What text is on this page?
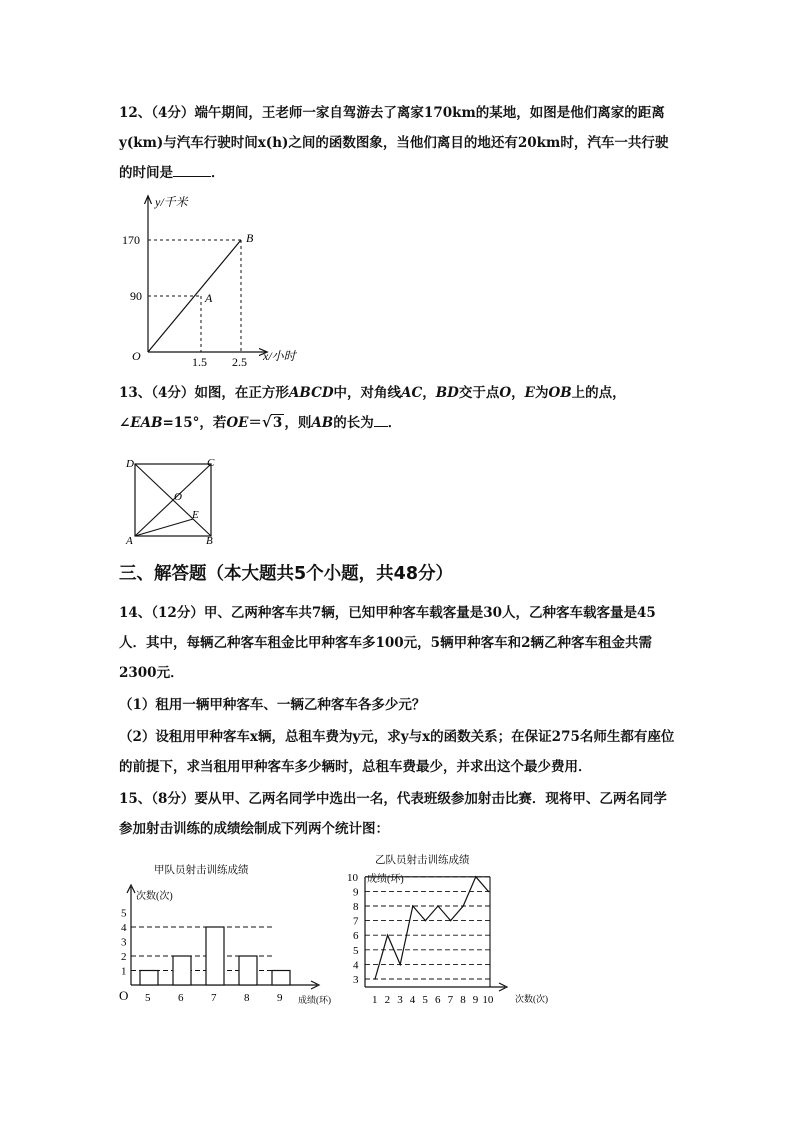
12、（4分）端午期间，王老师一家自驾游去了离家170km的某地，如图是他们离家的距离y(km)与汽车行驶时间x(h)之间的函数图象，当他们离目的地还有20km时，汽车一共行驶的时间是	．

y/千米
x/小时
O
170
90
1.5 2.5
A
B

13、（4分）如图，在正方形ABCD中，对角线AC，BD交于点O，E为OB上的点，∠EAB=15°，若OE＝ √ 3 ，则AB的长为 ．

D	C
O
E
A	B
三、解答题（本大题共5个小题，共48分）

14、（12分）甲、乙两种客车共7辆，已知甲种客车载客量是30人，乙种客车载客量是45人．其中，每辆乙种客车租金比甲种客车多100元，5辆甲种客车和2辆乙种客车租金共需2300元．

（1）租用一辆甲种客车、一辆乙种客车各多少元？

（2）设租用甲种客车x辆，总租车费为y元，求y与x的函数关系；在保证275名师生都有座位的前提下，求当租用甲种客车多少辆时，总租车费最少，并求出这个最少费用．

15、（8分）要从甲、乙两名同学中选出一名，代表班级参加射击比赛．现将甲、乙两名同学参加射击训练的成绩绘制成下列两个统计图：

甲队员射击训练成绩
次数(次)
成绩(环)
O
1
2
3
4
5
5	6	7	8	9
乙队员射击训练成绩
成绩(环)
次数(次)
3
4
5
6
7
8
9
10
1 2 3 4 5 6 7 8 9 10
